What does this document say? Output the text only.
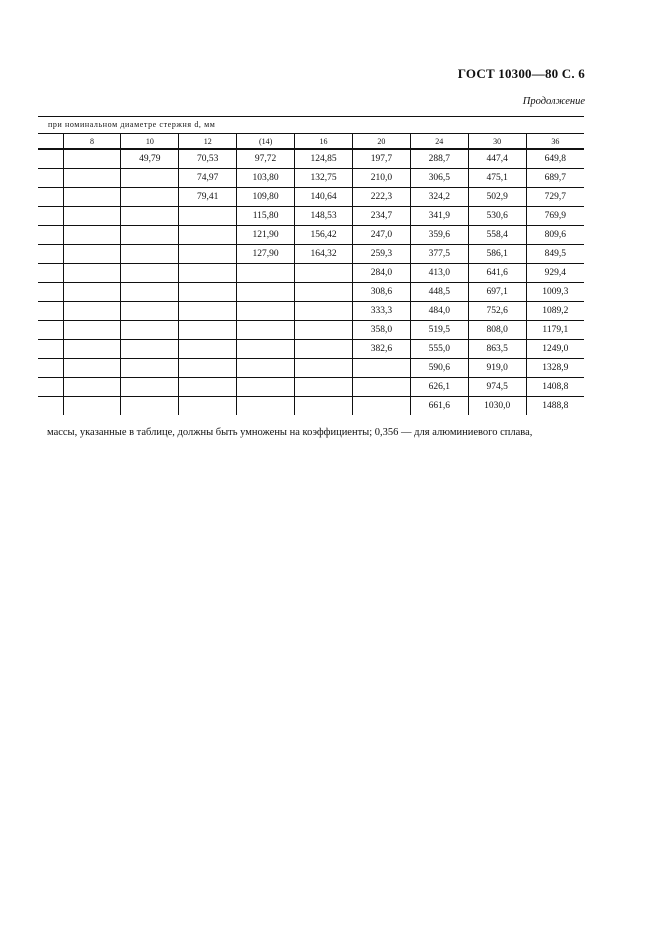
ГОСТ 10300—80 С. 6
Продолжение
при номинальном диаметре стержня d, мм
	8	10	12	(14)	16	20	24	30	36
		49,79	70,53	97,72	124,85	197,7	288,7	447,4	649,8
			74,97	103,80	132,75	210,0	306,5	475,1	689,7
			79,41	109,80	140,64	222,3	324,2	502,9	729,7
				115,80	148,53	234,7	341,9	530,6	769,9
				121,90	156,42	247,0	359,6	558,4	809,6
				127,90	164,32	259,3	377,5	586,1	849,5
						284,0	413,0	641,6	929,4
						308,6	448,5	697,1	1009,3
						333,3	484,0	752,6	1089,2
						358,0	519,5	808,0	1179,1
						382,6	555,0	863,5	1249,0
							590,6	919,0	1328,9
							626,1	974,5	1408,8
							661,6	1030,0	1488,8
массы, указанные в таблице, должны быть умножены на коэффициенты; 0,356 — для алюминиевого сплава,
